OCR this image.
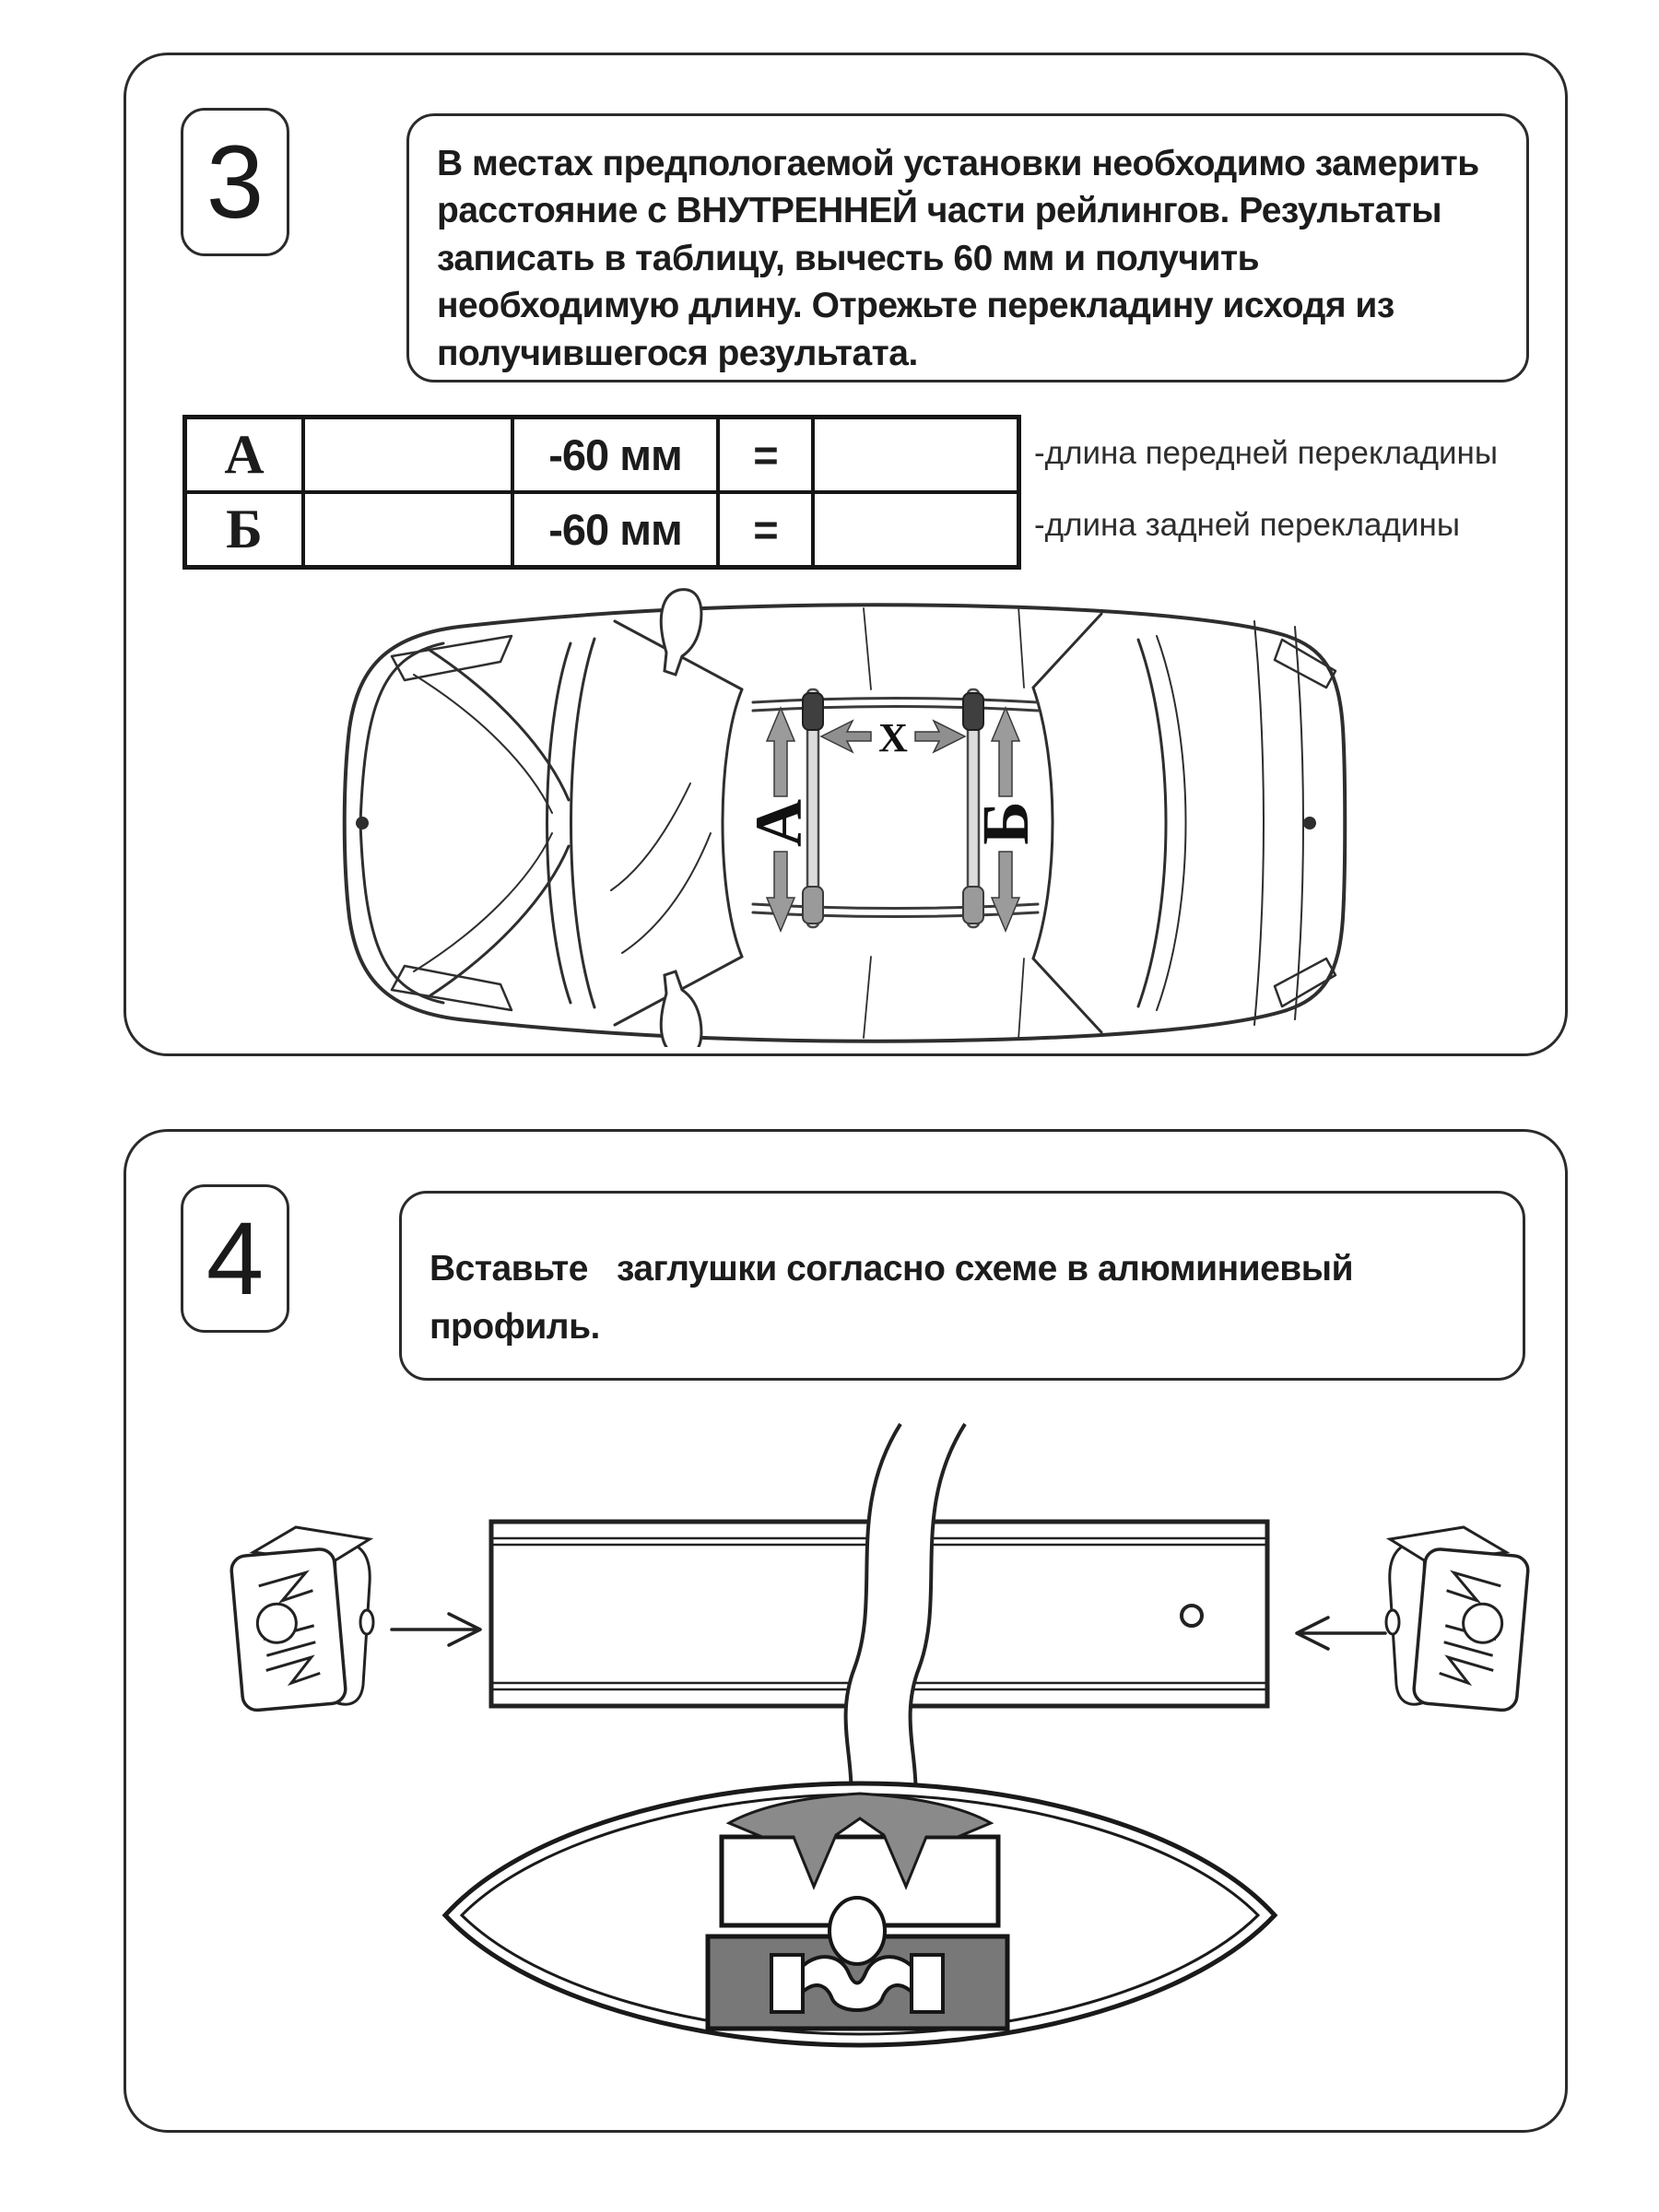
3	В местах предпологаемой установки необходимо замерить расстояние с ВНУТРЕННЕЙ части рейлингов. Результаты записать в таблицу, вычесть 60 мм и получить необходимую длину. Отрежьте перекладину исходя из получившегося результата.

А	-60 мм	=
Б	-60 мм	=
-длина передней перекладины
-длина задней перекладины
А Б
X
4	Вставьте   заглушки согласно схеме в алюминиевый профиль.
